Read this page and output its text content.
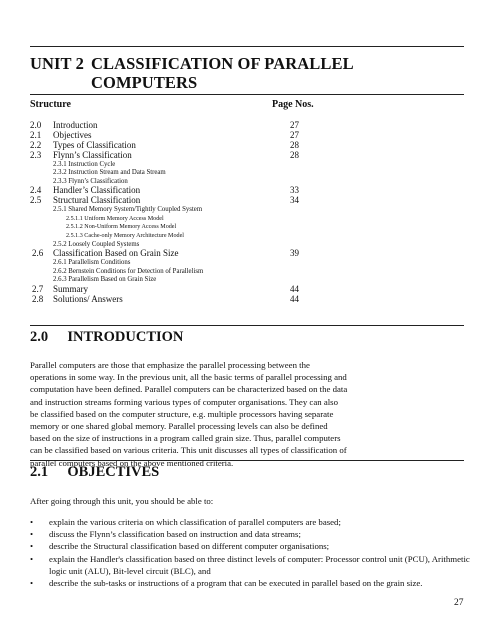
UNIT 2 CLASSIFICATION OF PARALLEL COMPUTERS
Structure	Page Nos.
2.0 Introduction	27
2.1 Objectives	27
2.2 Types of Classification	28
2.3 Flynn’s Classification	28
2.3.1 Instruction Cycle
2.3.2 Instruction Stream and Data Stream
2.3.3 Flynn’s Classification
2.4 Handler’s Classification	33
2.5 Structural Classification	34
2.5.1 Shared Memory System/Tightly Coupled System
2.5.1.1 Uniform Memory Access Model
2.5.1.2 Non-Uniform Memory Access Model
2.5.1.3 Cache-only Memory Architecture Model
2.5.2 Loosely Coupled Systems
2.6 Classification Based on Grain Size	39
2.6.1 Parallelism Conditions
2.6.2 Bernstein Conditions for Detection of Parallelism
2.6.3 Parallelism Based on Grain Size
2.7 Summary	44
2.8 Solutions/ Answers	44
2.0 INTRODUCTION
Parallel computers are those that emphasize the parallel processing between the
operations in some way. In the previous unit, all the basic terms of parallel processing and
computation have been defined. Parallel computers can be characterized based on the data
and instruction streams forming various types of computer organisations. They can also
be classified based on the computer structure, e.g. multiple processors having separate
memory or one shared global memory. Parallel processing levels can also be defined
based on the size of instructions in a program called grain size. Thus, parallel computers
can be classified based on various criteria. This unit discusses all types of classification of
parallel computers based on the above mentioned criteria.
2.1 OBJECTIVES
After going through this unit, you should be able to:
• explain the various criteria on which classification of parallel computers are based;
• discuss the Flynn’s classification based on instruction and data streams;
• describe the Structural classification based on different computer organisations;
• explain the Handler's classification based on three distinct levels of computer: Processor control unit (PCU), Arithmetic logic unit (ALU), Bit-level circuit (BLC), and
• describe the sub-tasks or instructions of a program that can be executed in parallel based on the grain size.
27
